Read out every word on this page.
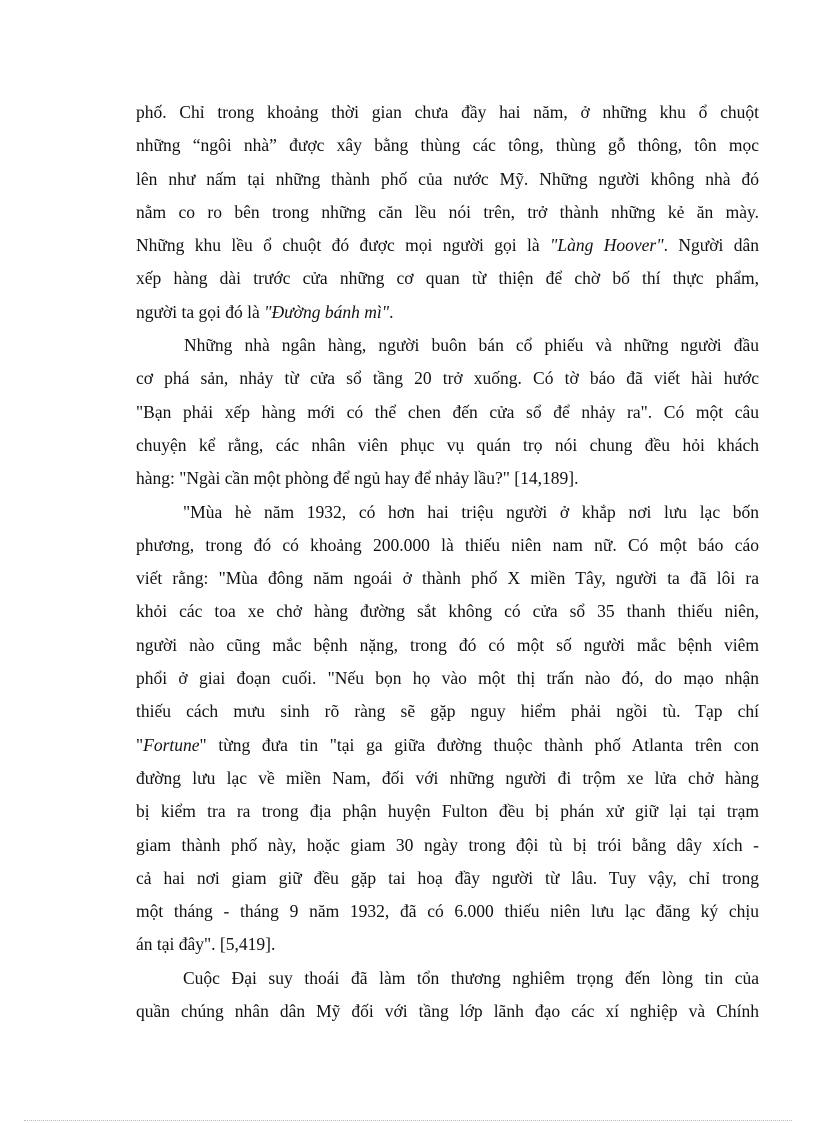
phố. Chỉ trong khoảng thời gian chưa đầy hai năm, ở những khu ổ chuột
những “ngôi nhà” được xây bằng thùng các tông, thùng gỗ thông, tôn mọc
lên như nấm tại những thành phố của nước Mỹ. Những người không nhà đó
nằm co ro bên trong những căn lều nói trên, trở thành những kẻ ăn mày.
Những khu lều ổ chuột đó được mọi người gọi là "Làng Hoover". Người dân
xếp hàng dài trước cửa những cơ quan từ thiện để chờ bố thí thực phẩm,
người ta gọi đó là "Đường bánh mì".
Những nhà ngân hàng, người buôn bán cổ phiếu và những người đầu
cơ phá sản, nhảy từ cửa sổ tầng 20 trở xuống. Có tờ báo đã viết hài hước
"Bạn phải xếp hàng mới có thể chen đến cửa sổ để nhảy ra". Có một câu
chuyện kể rằng, các nhân viên phục vụ quán trọ nói chung đều hỏi khách
hàng: "Ngài cần một phòng để ngủ hay để nhảy lầu?" [14,189].
"Mùa hè năm 1932, có hơn hai triệu người ở khắp nơi lưu lạc bốn
phương, trong đó có khoảng 200.000 là thiếu niên nam nữ. Có một báo cáo
viết rằng: "Mùa đông năm ngoái ở thành phố X miền Tây, người ta đã lôi ra
khỏi các toa xe chở hàng đường sắt không có cửa sổ 35 thanh thiếu niên,
người nào cũng mắc bệnh nặng, trong đó có một số người mắc bệnh viêm
phổi ở giai đoạn cuối. "Nếu bọn họ vào một thị trấn nào đó, do mạo nhận
thiếu cách mưu sinh rõ ràng sẽ gặp nguy hiểm phải ngồi tù. Tạp chí
"Fortune" từng đưa tin "tại ga giữa đường thuộc thành phố Atlanta trên con
đường lưu lạc về miền Nam, đối với những người đi trộm xe lửa chở hàng
bị kiểm tra ra trong địa phận huyện Fulton đều bị phán xử giữ lại tại trạm
giam thành phố này, hoặc giam 30 ngày trong đội tù bị trói bằng dây xích -
cả hai nơi giam giữ đều gặp tai hoạ đầy người từ lâu. Tuy vậy, chỉ trong
một tháng - tháng 9 năm 1932, đã có 6.000 thiếu niên lưu lạc đăng ký chịu
án tại đây". [5,419].
Cuộc Đại suy thoái đã làm tổn thương nghiêm trọng đến lòng tin của
quần chúng nhân dân Mỹ đối với tầng lớp lãnh đạo các xí nghiệp và Chính
